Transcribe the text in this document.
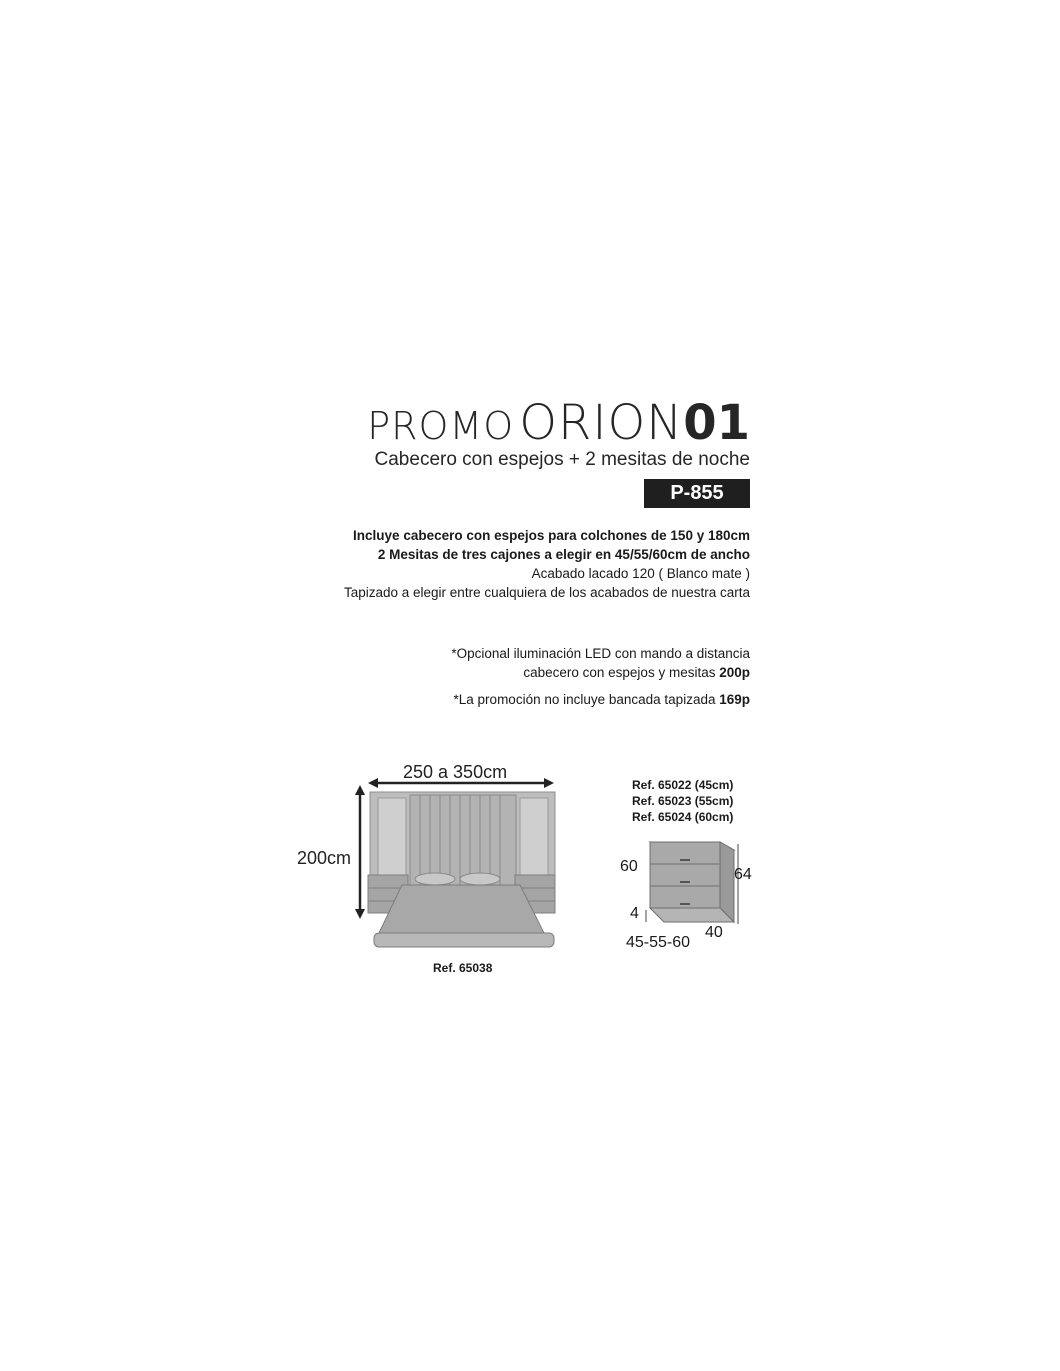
PROMO ORION01
Cabecero con espejos + 2 mesitas de noche
P-855
Incluye cabecero con espejos para colchones de 150 y 180cm
2 Mesitas de tres cajones a elegir en 45/55/60cm de ancho
Acabado lacado 120 ( Blanco mate )
Tapizado a elegir entre cualquiera de los acabados de nuestra carta
*Opcional iluminación LED con mando a distancia
cabecero con espejos y mesitas 200p
*La promoción no incluye bancada tapizada 169p
250 a 350cm
200cm
Ref. 65038
Ref. 65022 (45cm)
Ref. 65023 (55cm)
Ref. 65024 (60cm)
60	64
4
40
45-55-60
